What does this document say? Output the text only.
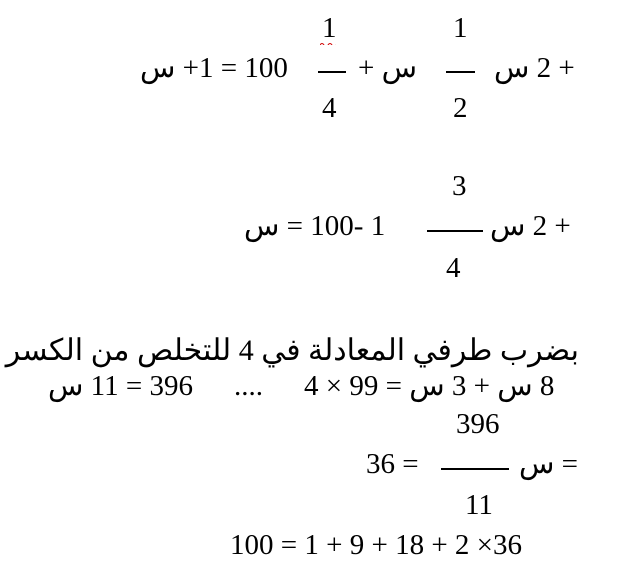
1
4
1
2
100 = 1+ س س +	+ 2 س
3
4
1 -100 = س	+ 2 س
بضرب طرفي المعادلة في 4 للتخلص من الكسر
396 = 11 س .... 8 س + 3 س = 99 × 4
396
11
36 =	= س
100 = 1 + 9 + 18 + 2 ×36
